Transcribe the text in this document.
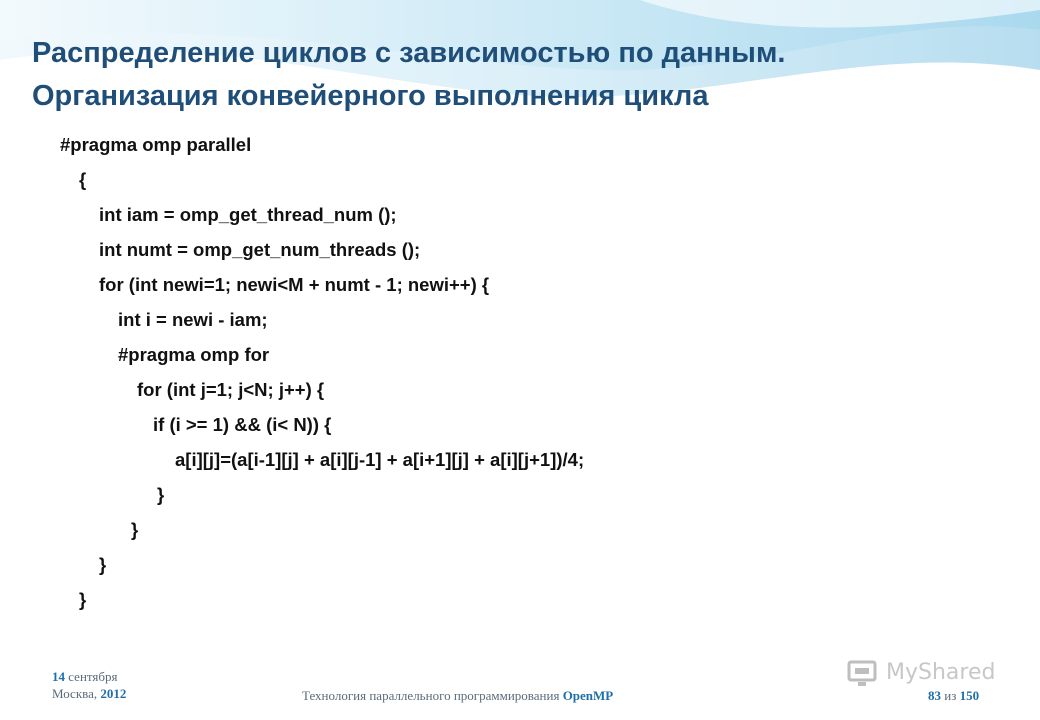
Распределение циклов с зависимостью по данным.
Организация конвейерного выполнения цикла
#pragma omp parallel
{
int iam = omp_get_thread_num ();
int numt = omp_get_num_threads ();
for (int newi=1; newi<M + numt - 1; newi++) {
int i = newi - iam;
#pragma omp for
for (int j=1; j<N; j++) {
if (i >= 1) && (i< N)) {
a[i][j]=(a[i-1][j] + a[i][j-1] + a[i+1][j] + a[i][j+1])/4;
}
}
}
}
14 сентября
Москва, 2012	Технология параллельного программирования OpenMP	83 из 150
MyShared
